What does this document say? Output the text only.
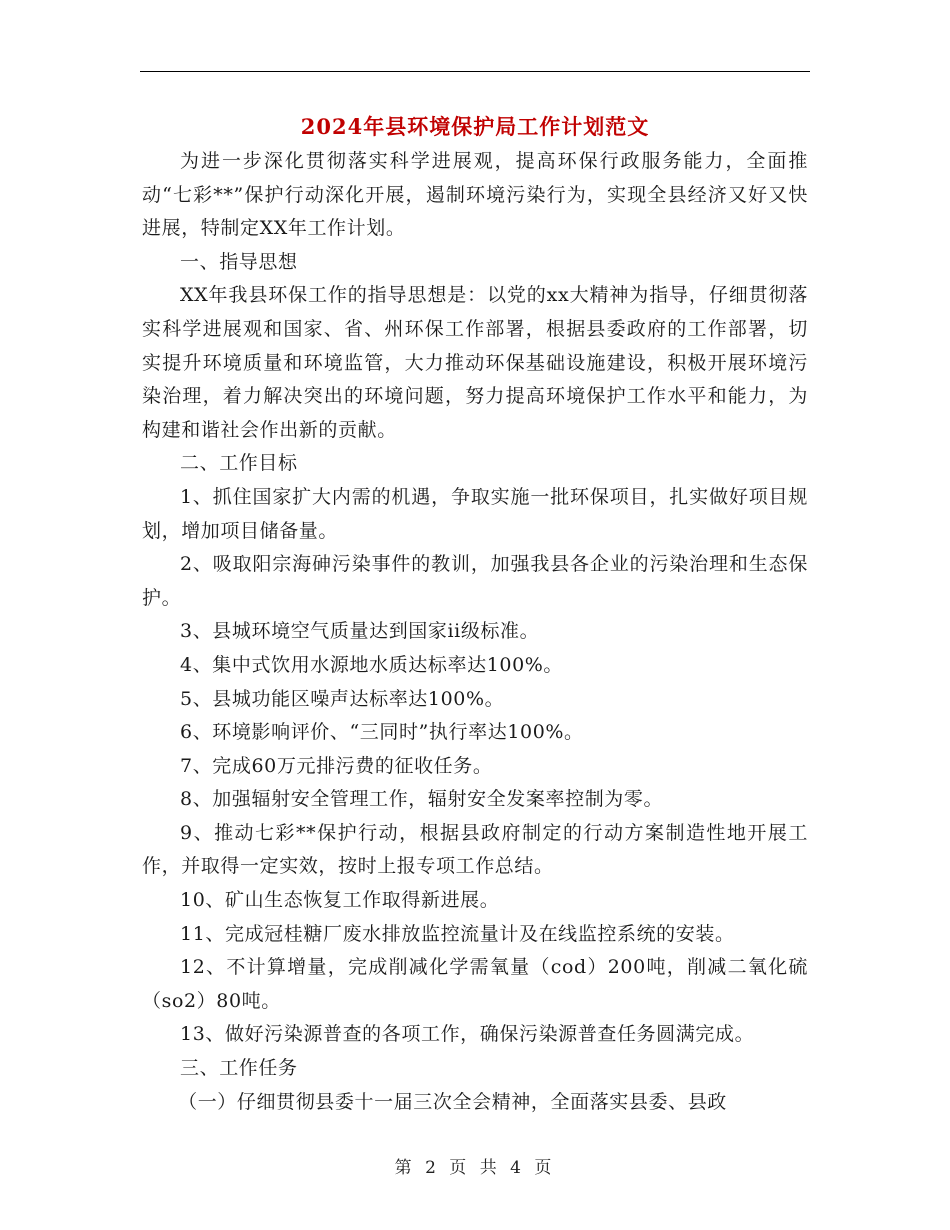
2024年县环境保护局工作计划范文

为进一步深化贯彻落实科学进展观，提高环保行政服务能力，全面推动“七彩**”保护行动深化开展，遏制环境污染行为，实现全县经济又好又快进展，特制定XX年工作计划。

一、指导思想

XX年我县环保工作的指导思想是：以党的xx大精神为指导，仔细贯彻落实科学进展观和国家、省、州环保工作部署，根据县委政府的工作部署，切实提升环境质量和环境监管，大力推动环保基础设施建设，积极开展环境污染治理，着力解决突出的环境问题，努力提高环境保护工作水平和能力，为构建和谐社会作出新的贡献。

二、工作目标

1、抓住国家扩大内需的机遇，争取实施一批环保项目，扎实做好项目规划，增加项目储备量。

2、吸取阳宗海砷污染事件的教训，加强我县各企业的污染治理和生态保护。

3、县城环境空气质量达到国家ii级标准。

4、集中式饮用水源地水质达标率达100%。

5、县城功能区噪声达标率达100%。

6、环境影响评价、“三同时”执行率达100%。

7、完成60万元排污费的征收任务。

8、加强辐射安全管理工作，辐射安全发案率控制为零。

9、推动七彩**保护行动，根据县政府制定的行动方案制造性地开展工作，并取得一定实效，按时上报专项工作总结。

10、矿山生态恢复工作取得新进展。

11、完成冠桂糖厂废水排放监控流量计及在线监控系统的安装。

12、不计算增量，完成削减化学需氧量（cod）200吨，削减二氧化硫（so2）80吨。

13、做好污染源普查的各项工作，确保污染源普查任务圆满完成。

三、工作任务

（一）仔细贯彻县委十一届三次全会精神，全面落实县委、县政

第 2 页 共 4 页
